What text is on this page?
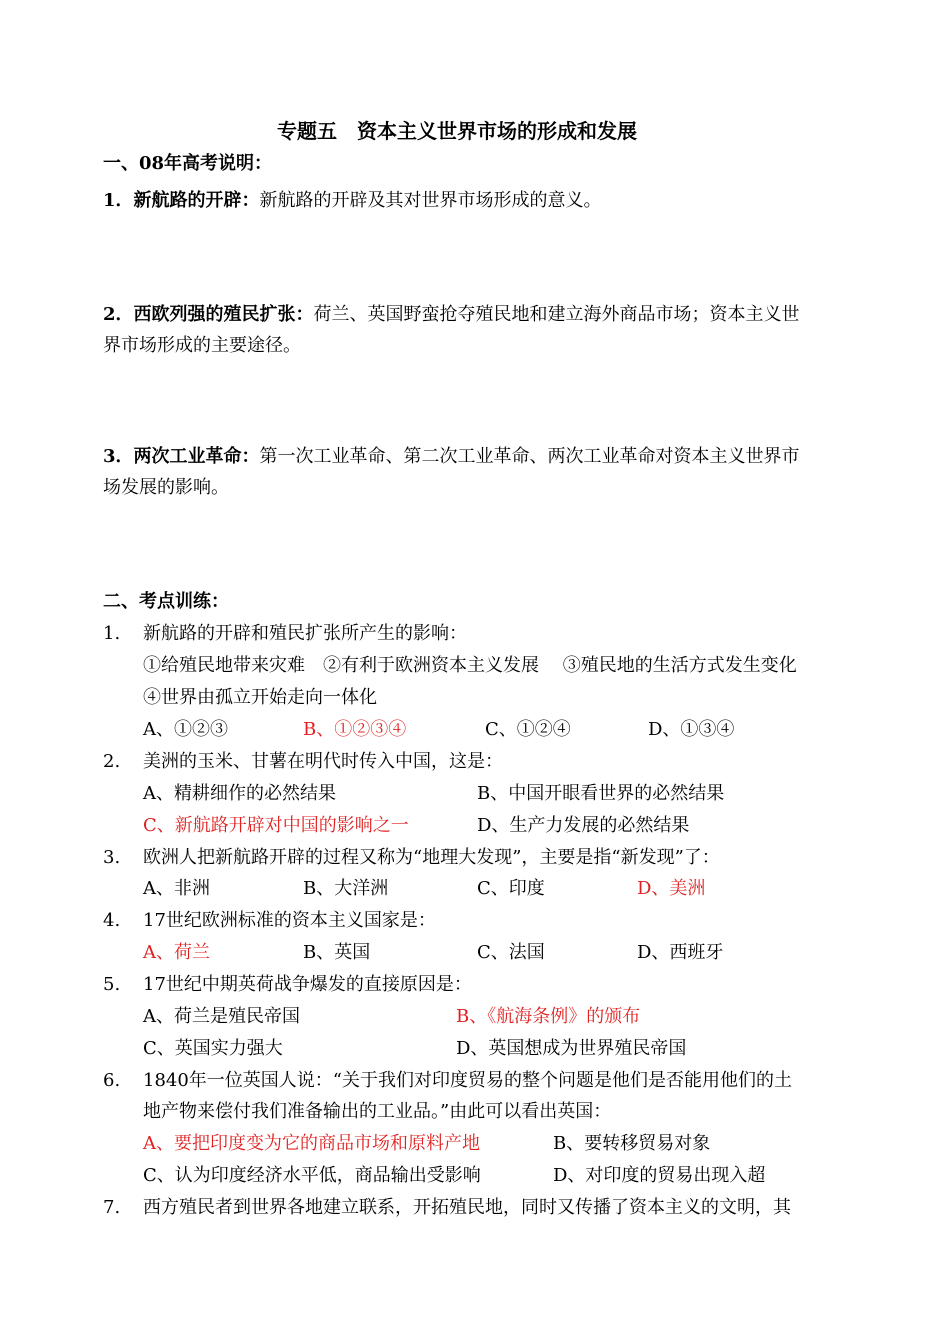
专题五　资本主义世界市场的形成和发展
一、08年高考说明：
1．新航路的开辟：新航路的开辟及其对世界市场形成的意义。
2．西欧列强的殖民扩张：荷兰、英国野蛮抢夺殖民地和建立海外商品市场；资本主义世
界市场形成的主要途径。
3．两次工业革命：第一次工业革命、第二次工业革命、两次工业革命对资本主义世界市
场发展的影响。
二、考点训练：
1. 新航路的开辟和殖民扩张所产生的影响：
①给殖民地带来灾难　②有利于欧洲资本主义发展　 ③殖民地的生活方式发生变化
④世界由孤立开始走向一体化
A、①②③	B、①②③④	C、①②④	D、①③④
2. 美洲的玉米、甘薯在明代时传入中国，这是：
A、精耕细作的必然结果	B、中国开眼看世界的必然结果
C、新航路开辟对中国的影响之一	D、生产力发展的必然结果
3. 欧洲人把新航路开辟的过程又称为“地理大发现”，主要是指“新发现”了：
A、非洲	B、大洋洲	C、印度	D、美洲
4. 17世纪欧洲标准的资本主义国家是：
A、荷兰	B、英国	C、法国	D、西班牙
5. 17世纪中期英荷战争爆发的直接原因是：
A、荷兰是殖民帝国	B、《航海条例》的颁布
C、英国实力强大	D、英国想成为世界殖民帝国
6. 1840年一位英国人说：“关于我们对印度贸易的整个问题是他们是否能用他们的土
地产物来偿付我们准备输出的工业品。”由此可以看出英国：
A、要把印度变为它的商品市场和原料产地	B、要转移贸易对象
C、认为印度经济水平低，商品输出受影响	D、对印度的贸易出现入超
7. 西方殖民者到世界各地建立联系，开拓殖民地，同时又传播了资本主义的文明，其
